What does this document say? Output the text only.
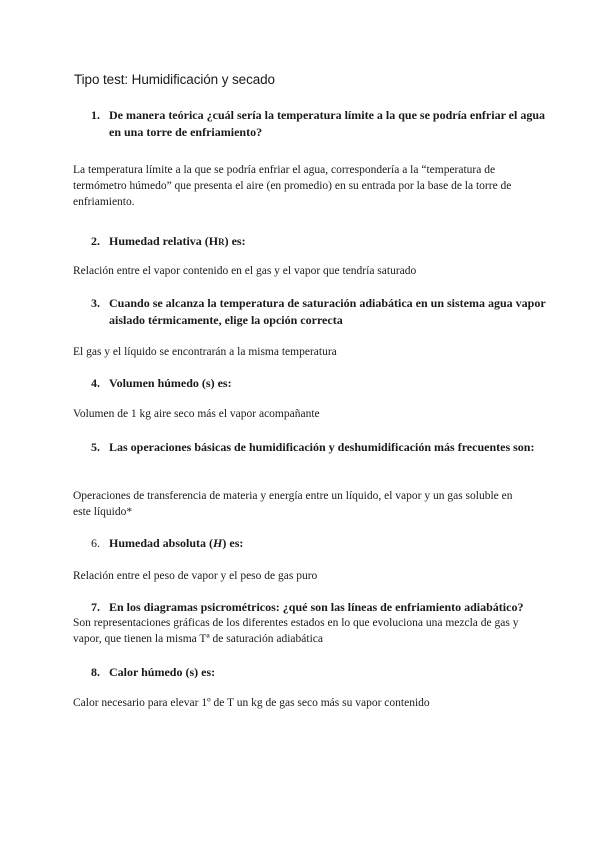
Tipo test: Humidificación y secado
1. De manera teórica ¿cuál sería la temperatura límite a la que se podría enfriar el agua en una torre de enfriamiento?
La temperatura límite a la que se podría enfriar el agua, correspondería a la “temperatura de termómetro húmedo” que presenta el aire (en promedio) en su entrada por la base de la torre de enfriamiento.
2. Humedad relativa (HR) es:
Relación entre el vapor contenido en el gas y el vapor que tendría saturado
3. Cuando se alcanza la temperatura de saturación adiabática en un sistema agua vapor aislado térmicamente, elige la opción correcta
El gas y el líquido se encontrarán a la misma temperatura
4. Volumen húmedo (s) es:
Volumen de 1 kg aire seco más el vapor acompañante
5. Las operaciones básicas de humidificación y deshumidificación más frecuentes son:
Operaciones de transferencia de materia y energía entre un líquido, el vapor y un gas soluble en este líquido*
6. Humedad absoluta (H) es:
Relación entre el peso de vapor y el peso de gas puro
7. En los diagramas psicrométricos: ¿qué son las líneas de enfriamiento adiabático?
Son representaciones gráficas de los diferentes estados en lo que evoluciona una mezcla de gas y vapor, que tienen la misma Tª de saturación adiabática
8. Calor húmedo (s) es:
Calor necesario para elevar 1º de T un kg de gas seco más su vapor contenido
